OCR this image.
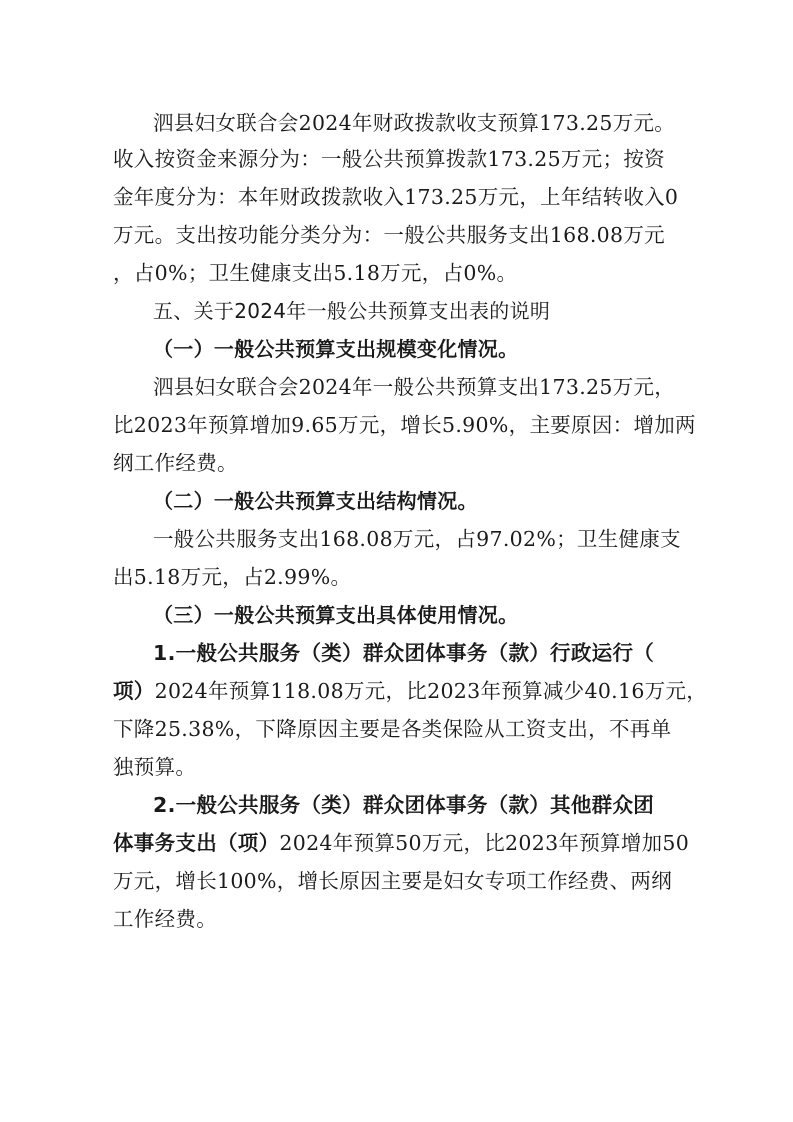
泗县妇女联合会2024年财政拨款收支预算173.25万元。
收入按资金来源分为：一般公共预算拨款173.25万元；按资
金年度分为：本年财政拨款收入173.25万元，上年结转收入0
万元。支出按功能分类分为：一般公共服务支出168.08万元
，占0%；卫生健康支出5.18万元，占0%。
五、关于2024年一般公共预算支出表的说明
（一）一般公共预算支出规模变化情况。
泗县妇女联合会2024年一般公共预算支出173.25万元，
比2023年预算增加9.65万元，增长5.90%，主要原因：增加两
纲工作经费。
（二）一般公共预算支出结构情况。
一般公共服务支出168.08万元，占97.02%；卫生健康支
出5.18万元，占2.99%。
（三）一般公共预算支出具体使用情况。
1.一般公共服务（类）群众团体事务（款）行政运行（
项）2024年预算118.08万元，比2023年预算减少40.16万元，
下降25.38%，下降原因主要是各类保险从工资支出，不再单
独预算。
2.一般公共服务（类）群众团体事务（款）其他群众团
体事务支出（项）2024年预算50万元，比2023年预算增加50
万元，增长100%，增长原因主要是妇女专项工作经费、两纲
工作经费。
